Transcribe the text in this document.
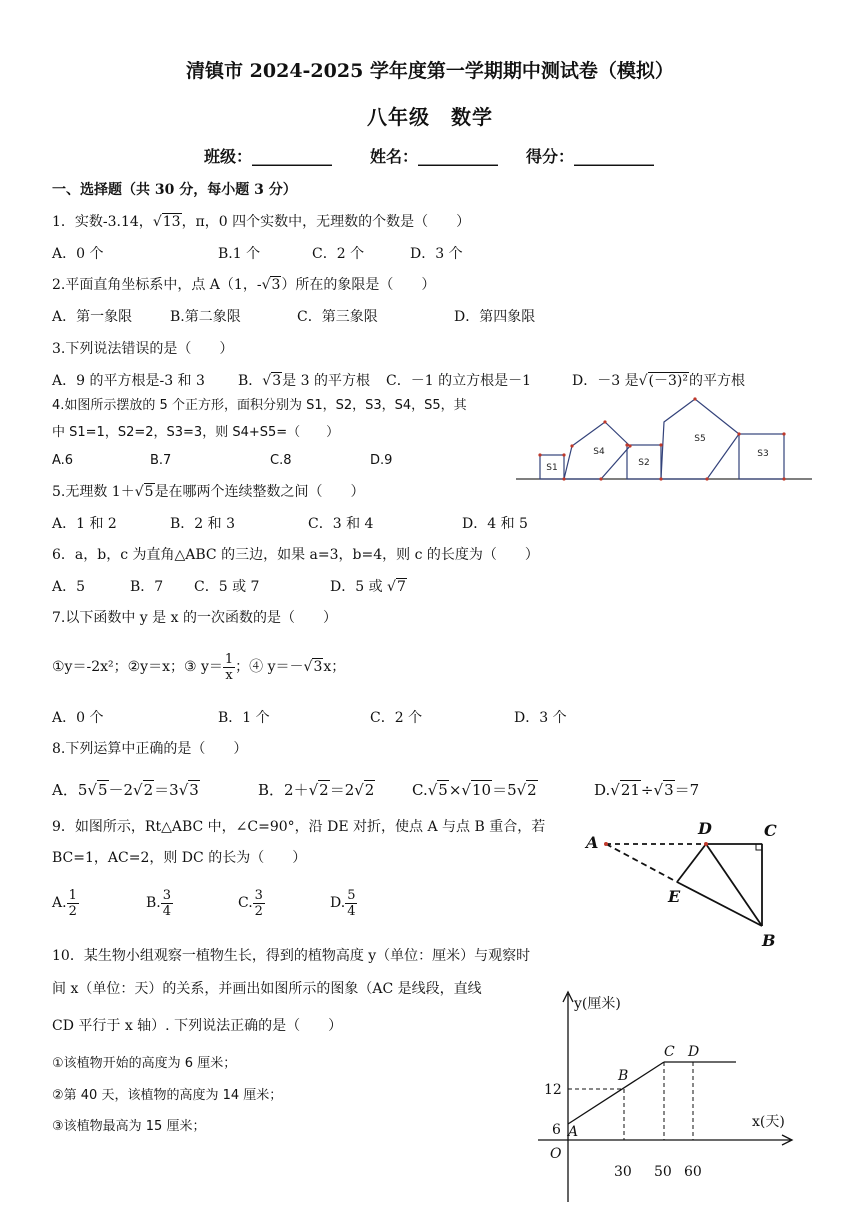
清镇市 2024-2025 学年度第一学期期中测试卷（模拟）
八年级　数学
班级：__________ 姓名：__________ 得分：__________
一、选择题（共 30 分，每小题 3 分）
1．实数-3.14，√13，π，0 四个实数中，无理数的个数是（　　）
A．0 个	B.1 个	C．2 个	D．3 个
2.平面直角坐标系中，点 A（1，-√3）所在的象限是（　　）
A．第一象限	B.第二象限	C．第三象限	D．第四象限
3.下列说法错误的是（　　）
A．9 的平方根是-3 和 3 B．√3是 3 的平方根 C．－1 的立方根是－1	D．－3 是√(－3)²的平方根
4.如图所示摆放的 5 个正方形，面积分别为 S1，S2，S3，S4，S5，其
中 S1=1，S2=2，S3=3，则 S4+S5=（　　）
A.6	B.7	C.8	D.9	S1
S4
S2
S5
S3
5.无理数 1＋√5是在哪两个连续整数之间（　　）
A．1 和 2	B．2 和 3	C．3 和 4	D．4 和 5
6．a，b，c 为直角△ABC 的三边，如果 a=3，b=4，则 c 的长度为（　　）
A．5	B．7 C．5 或 7	D．5 或 √7
7.以下函数中 y 是 x 的一次函数的是（　　）
①y＝-2x²；②y＝x；③ $y= \frac{1}{x}$ ；④ y＝－√3x；
A．0 个	B．1 个	C．2 个	D．3 个
8.下列运算中正确的是（　　）
A．5√5－2√2＝3√3	B．2＋√2＝2√2	C.√5×√10＝5√2	D.√21÷√3＝7
9．如图所示，Rt△ABC 中，∠C=90°，沿 DE 对折，使点 A 与点 B 重合，若
BC=1，AC=2，则 DC 的长为（　　）
A. $\frac{1}{2}$	B. $\frac{3}{4}$	C. $\frac{3}{2}$	D. $\frac{5}{4}$
A
D	C
E
B
10．某生物小组观察一植物生长，得到的植物高度 y（单位：厘米）与观察时
间 x（单位：天）的关系，并画出如图所示的图象（AC 是线段，直线
CD 平行于 x 轴）. 下列说法正确的是（　　）
①该植物开始的高度为 6 厘米；
②第 40 天，该植物的高度为 14 厘米；
③该植物最高为 15 厘米；
y(厘米)
x(天)
O
30 50 60
12
6 A
B
C D
